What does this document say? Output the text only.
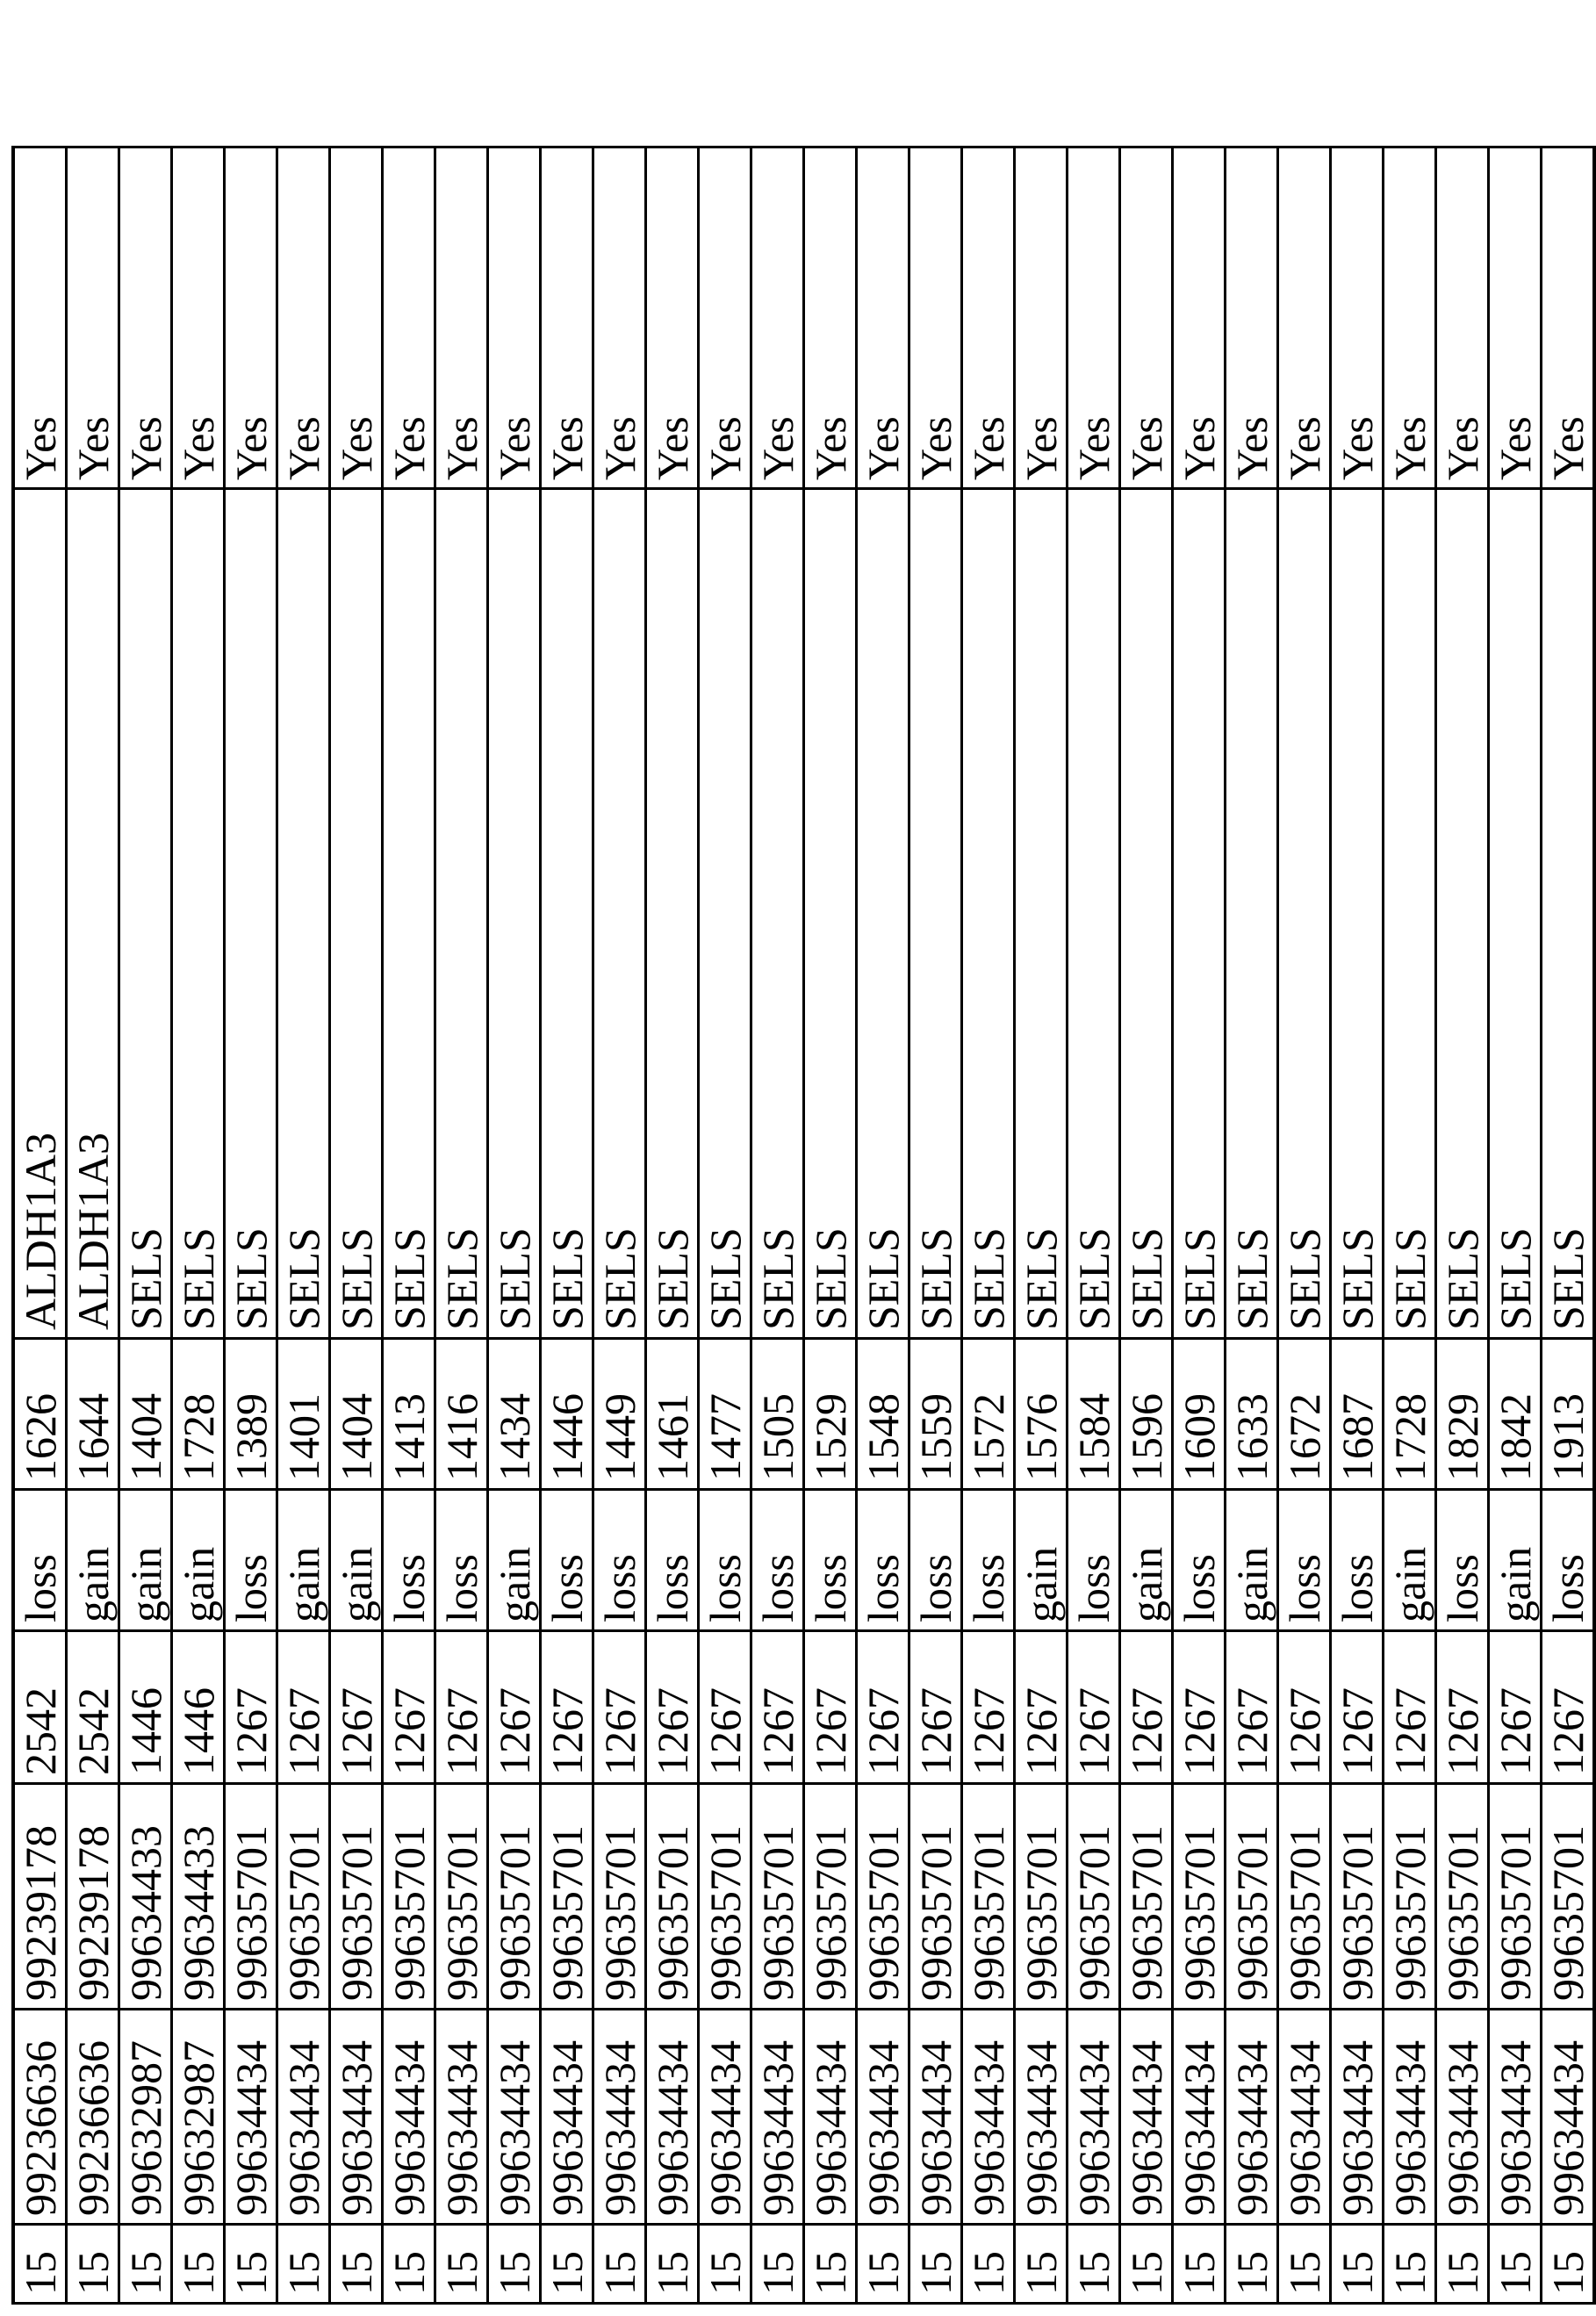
15	99236636	99239178	2542	loss	1626	ALDH1A3		Yes
15	99236636	99239178	2542	gain	1644	ALDH1A3		Yes
15	99632987	99634433	1446	gain	1404	SELS		Yes
15	99632987	99634433	1446	gain	1728	SELS		Yes
15	99634434	99635701	1267	loss	1389	SELS		Yes
15	99634434	99635701	1267	gain	1401	SELS		Yes
15	99634434	99635701	1267	gain	1404	SELS		Yes
15	99634434	99635701	1267	loss	1413	SELS		Yes
15	99634434	99635701	1267	loss	1416	SELS		Yes
15	99634434	99635701	1267	gain	1434	SELS		Yes
15	99634434	99635701	1267	loss	1446	SELS		Yes
15	99634434	99635701	1267	loss	1449	SELS		Yes
15	99634434	99635701	1267	loss	1461	SELS		Yes
15	99634434	99635701	1267	loss	1477	SELS		Yes
15	99634434	99635701	1267	loss	1505	SELS		Yes
15	99634434	99635701	1267	loss	1529	SELS		Yes
15	99634434	99635701	1267	loss	1548	SELS		Yes
15	99634434	99635701	1267	loss	1559	SELS		Yes
15	99634434	99635701	1267	loss	1572	SELS		Yes
15	99634434	99635701	1267	gain	1576	SELS		Yes
15	99634434	99635701	1267	loss	1584	SELS		Yes
15	99634434	99635701	1267	gain	1596	SELS		Yes
15	99634434	99635701	1267	loss	1609	SELS		Yes
15	99634434	99635701	1267	gain	1633	SELS		Yes
15	99634434	99635701	1267	loss	1672	SELS		Yes
15	99634434	99635701	1267	loss	1687	SELS		Yes
15	99634434	99635701	1267	gain	1728	SELS		Yes
15	99634434	99635701	1267	loss	1829	SELS		Yes
15	99634434	99635701	1267	gain	1842	SELS		Yes
15	99634434	99635701	1267	loss	1913	SELS		Yes
